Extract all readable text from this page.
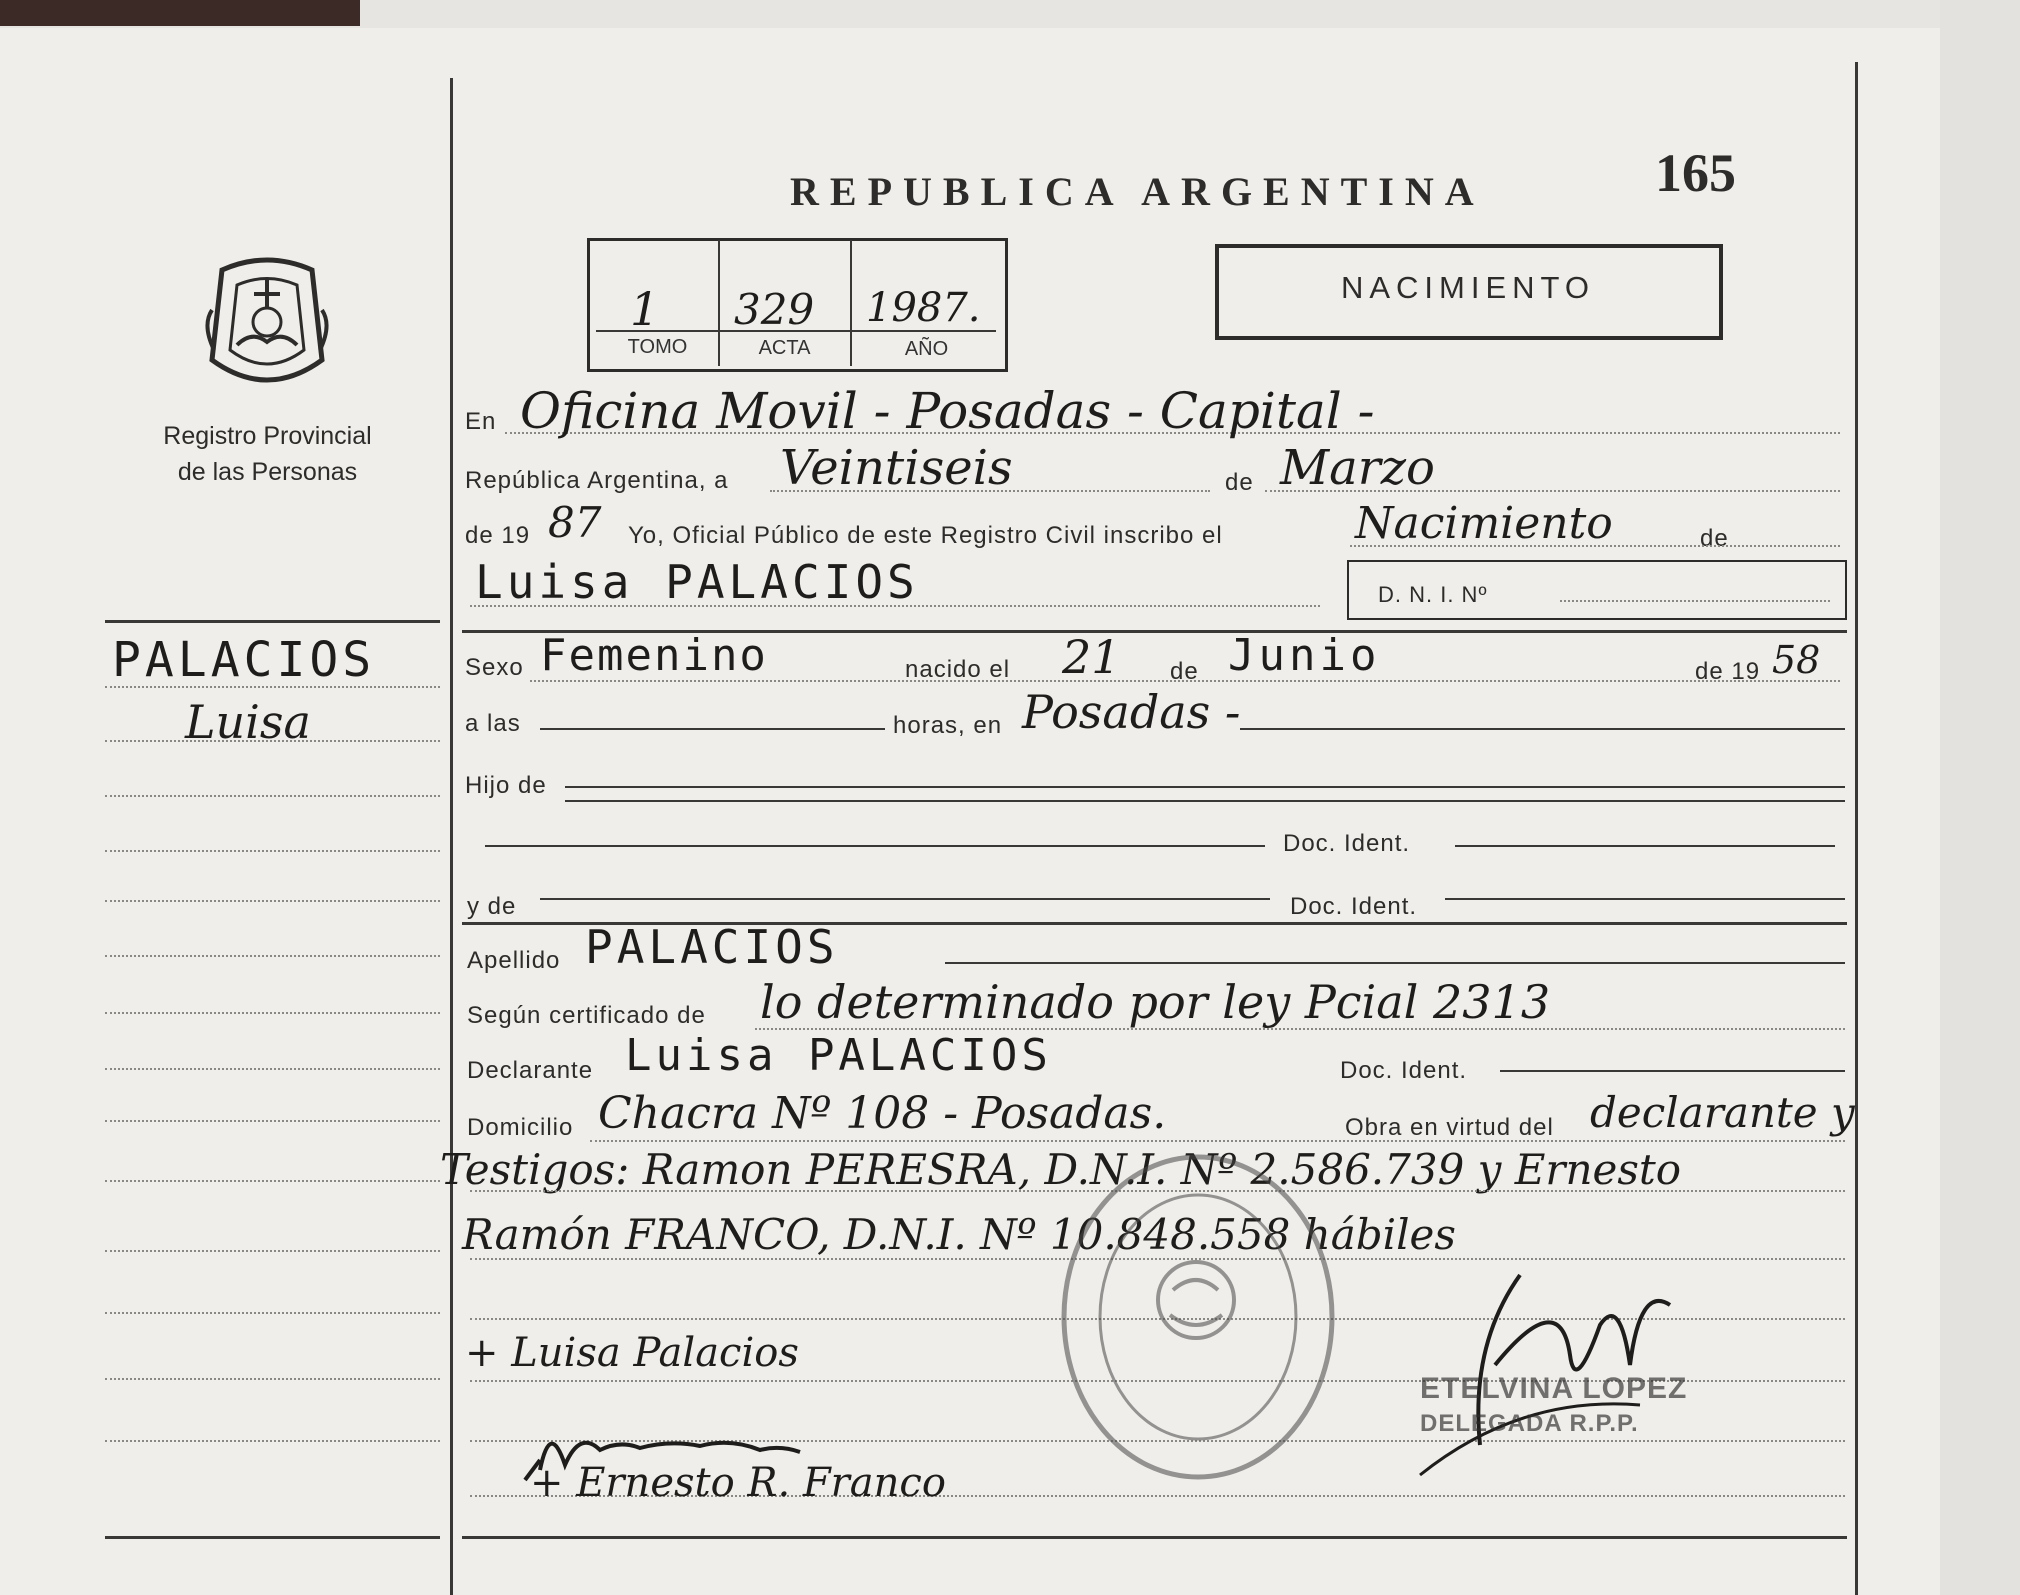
REPUBLICA ARGENTINA	165
Registro Provincial
de las Personas
1 329 1987.
TOMO	ACTA	AÑO
NACIMIENTO
PALACIOS
Luisa
En Oficina Movil - Posadas - Capital -
República Argentina, a Veintiseis	de Marzo
de 19 87 Yo, Oficial Público de este Registro Civil inscribo el	Nacimiento	de
Luisa PALACIOS	D. N. I. Nº
Sexo Femenino	nacido el 21 de Junio	de 19 58
a las	horas, en Posadas -
Hijo de
Doc. Ident.
y de	Doc. Ident.
Apellido PALACIOS
Según certificado de lo determinado por ley Pcial 2313
Declarante Luisa PALACIOS	Doc. Ident.
Domicilio Chacra Nº 108 - Posadas.	Obra en virtud del declarante y
Testigos: Ramon PERESRA, D.N.I. Nº 2.586.739 y Ernesto
Ramón FRANCO, D.N.I. Nº 10.848.558 hábiles
+ Luisa Palacios
+ Ernesto R. Franco
ETELVINA LOPEZ
DELEGADA R.P.P.
